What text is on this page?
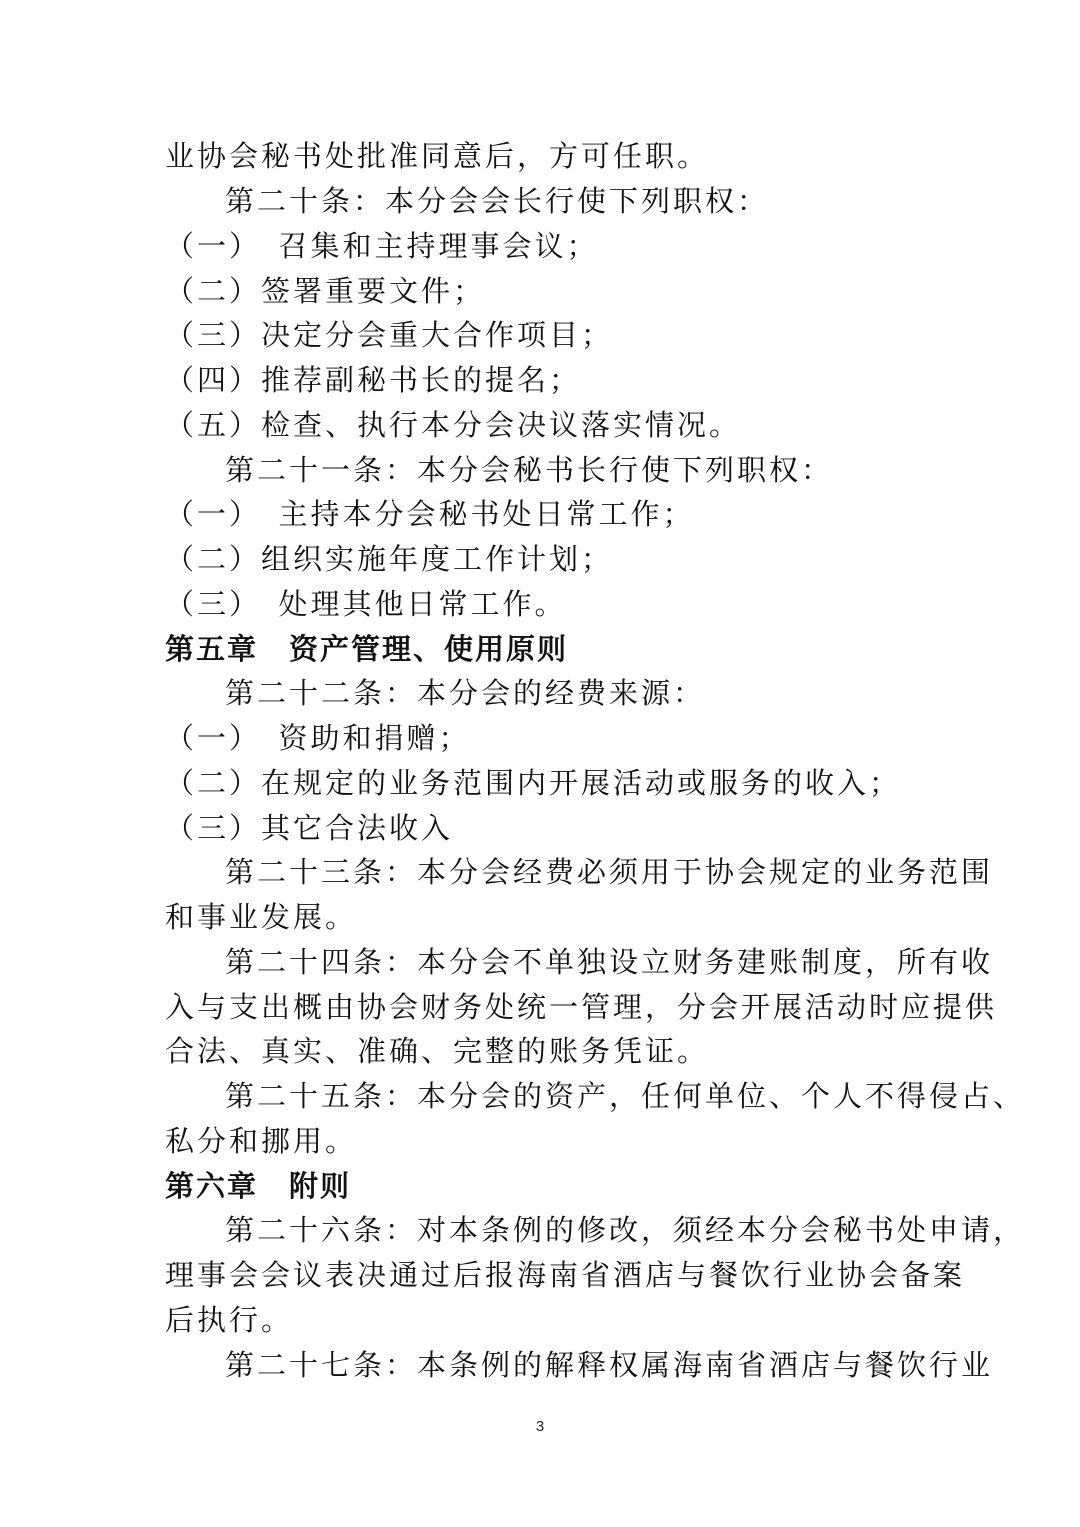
业协会秘书处批准同意后，方可任职。
第二十条：本分会会长行使下列职权：
（一）　召集和主持理事会议；
（二）签署重要文件；
（三）决定分会重大合作项目；
（四）推荐副秘书长的提名；
（五）检查、执行本分会决议落实情况。
第二十一条：本分会秘书长行使下列职权：
（一）　主持本分会秘书处日常工作；
（二）组织实施年度工作计划；
（三）　处理其他日常工作。
第五章　资产管理、使用原则
第二十二条：本分会的经费来源：
（一）　资助和捐赠；
（二）在规定的业务范围内开展活动或服务的收入；
（三）其它合法收入
第二十三条：本分会经费必须用于协会规定的业务范围
和事业发展。
第二十四条：本分会不单独设立财务建账制度，所有收
入与支出概由协会财务处统一管理，分会开展活动时应提供
合法、真实、准确、完整的账务凭证。
第二十五条：本分会的资产，任何单位、个人不得侵占、
私分和挪用。
第六章　附则
第二十六条：对本条例的修改，须经本分会秘书处申请，
理事会会议表决通过后报海南省酒店与餐饮行业协会备案
后执行。
第二十七条：本条例的解释权属海南省酒店与餐饮行业
3
